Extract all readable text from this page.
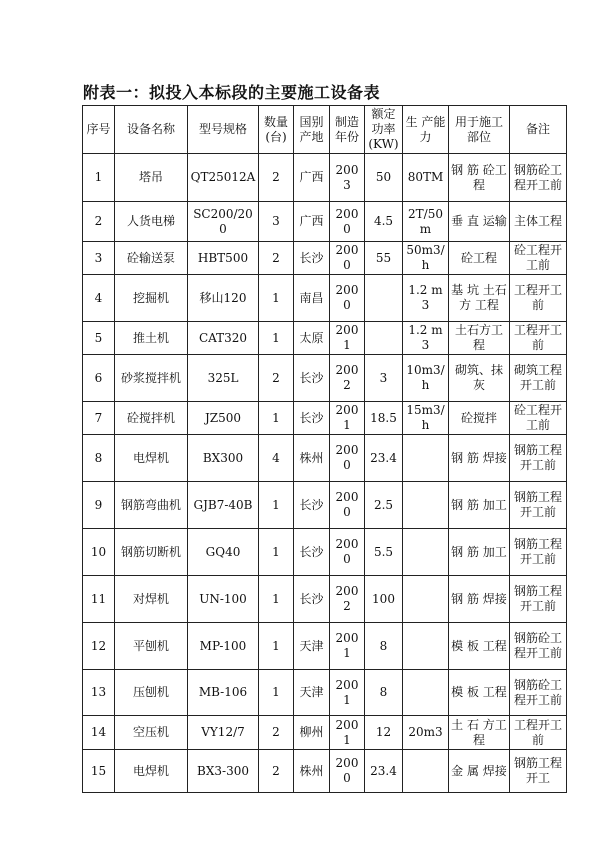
附表一：拟投入本标段的主要施工设备表
序号	设备名称	型号规格	数量(台)	国别产地	制造年份	额定功率(KW)	生 产能力	用于施工部位	备注
1	塔吊	QT25012A	2	广西	2003	50	80TM	钢 筋 砼工程	钢筋砼工程开工前
2	人货电梯	SC200/200	3	广西	2000	4.5	2T/50m	垂 直 运输	主体工程
3	砼输送泵	HBT500	2	长沙	2000	55	50m3/h	砼工程	砼工程开工前
4	挖掘机	移山120	1	南昌	2000		1.2 m3	基 坑 土石 方 工程	工程开工前
5	推土机	CAT320	1	太原	2001		1.2 m3	土石方工程	工程开工前
6	砂浆搅拌机	325L	2	长沙	2002	3	10m3/h	砌筑、抹灰	砌筑工程开工前
7	砼搅拌机	JZ500	1	长沙	2001	18.5	15m3/h	砼搅拌	砼工程开工前
8	电焊机	BX300	4	株州	2000	23.4		钢 筋 焊接	钢筋工程开工前
9	钢筋弯曲机	GJB7-40B	1	长沙	2000	2.5		钢 筋 加工	钢筋工程开工前
10	钢筋切断机	GQ40	1	长沙	2000	5.5		钢 筋 加工	钢筋工程开工前
11	对焊机	UN-100	1	长沙	2002	100		钢 筋 焊接	钢筋工程开工前
12	平刨机	MP-100	1	天津	2001	8		模 板 工程	钢筋砼工程开工前
13	压刨机	MB-106	1	天津	2001	8		模 板 工程	钢筋砼工程开工前
14	空压机	VY12/7	2	柳州	2001	12	20m3	土 石 方工程	工程开工前
15	电焊机	BX3-300	2	株州	2000	23.4		金 属 焊接	钢筋工程开工
